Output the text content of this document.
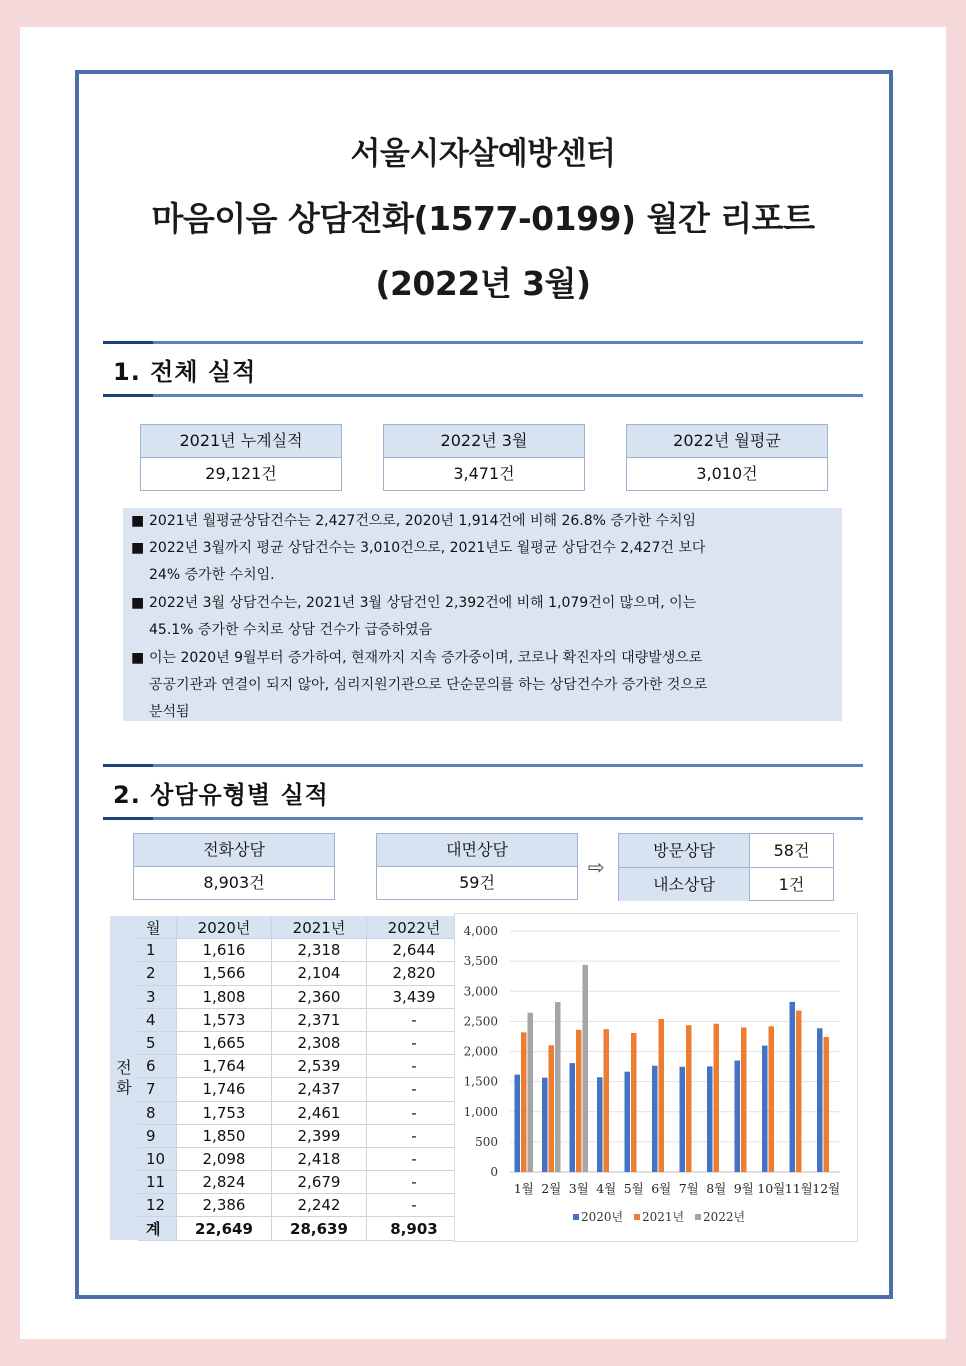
서울시자살예방센터
마음이음 상담전화(1577-0199) 월간 리포트
(2022년 3월)
1. 전체 실적
2021년 누계실적
29,121건
2022년 3월
3,471건
2022년 월평균
3,010건
■ 2021년 월평균상담건수는 2,427건으로, 2020년 1,914건에 비해 26.8% 증가한 수치임
■ 2022년 3월까지 평균 상담건수는 3,010건으로, 2021년도 월평균 상담건수 2,427건 보다
24% 증가한 수치임.
■ 2022년 3월 상담건수는, 2021년 3월 상담건인 2,392건에 비해 1,079건이 많으며, 이는
45.1% 증가한 수치로 상담 건수가 급증하였음
■ 이는 2020년 9월부터 증가하여, 현재까지 지속 증가중이며, 코로나 확진자의 대량발생으로
공공기관과 연결이 되지 않아, 심리지원기관으로 단순문의를 하는 상담건수가 증가한 것으로
분석됨
2. 상담유형별 실적
전화상담
8,903건
대면상담
59건
⇨
방문상담	58건
내소상담	1건
전화	월	2020년	2021년	2022년
	1	1,616	2,318	2,644
	2	1,566	2,104	2,820
	3	1,808	2,360	3,439
	4	1,573	2,371	-
	5	1,665	2,308	-
	6	1,764	2,539	-
	7	1,746	2,437	-
	8	1,753	2,461	-
	9	1,850	2,399	-
	10	2,098	2,418	-
	11	2,824	2,679	-
	12	2,386	2,242	-
	계	22,649	28,639	8,903
0
500
1,000
1,500
2,000
2,500
3,000
3,500
4,000
1월 2월 3월 4월 5월 6월 7월 8월 9월 10월 11월 12월
2020년 2021년 2022년
